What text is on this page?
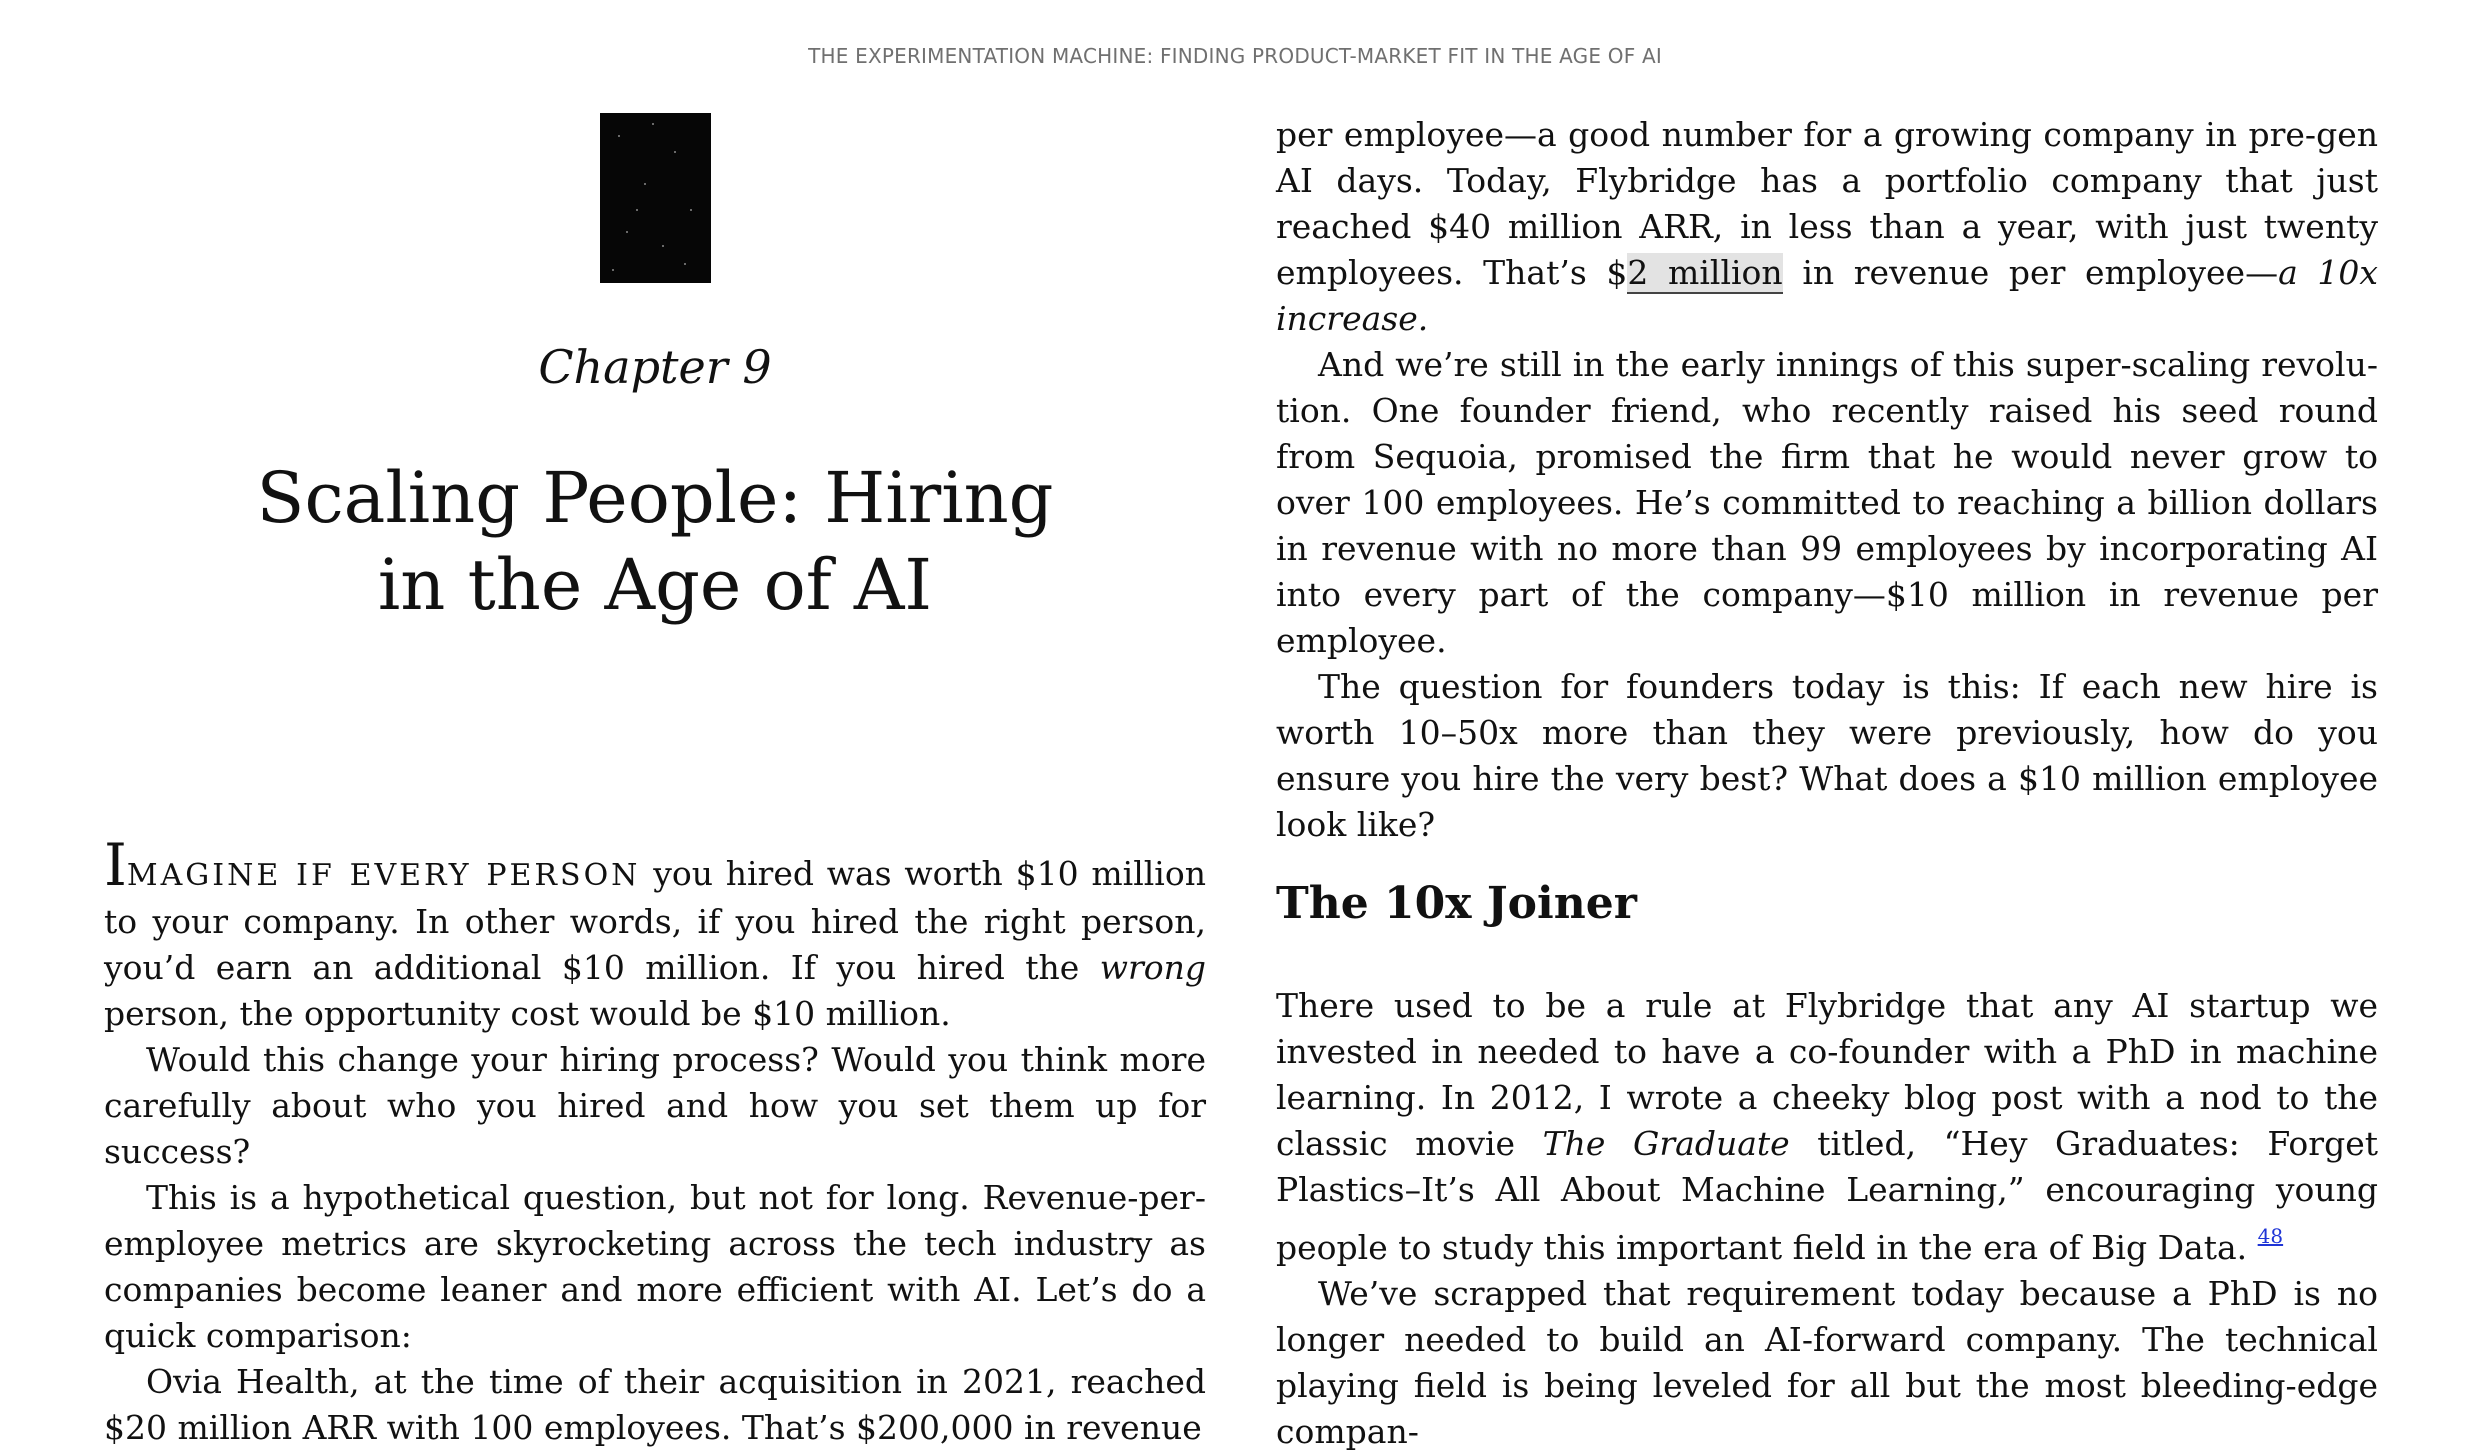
THE EXPERIMENTATION MACHINE: FINDING PRODUCT-MARKET FIT IN THE AGE OF AI
Chapter 9
Scaling People: Hiring
in the Age of AI

IMAGINE IF EVERY PERSON you hired was worth $10 million to your company. In other words, if you hired the right person, you’d earn an additional $10 million. If you hired the wrong person, the opportunity cost would be $10 million.

Would this change your hiring process? Would you think more carefully about who you hired and how you set them up for success?

This is a hypothetical question, but not for long. Revenue-per-employee metrics are skyrocketing across the tech industry as companies become leaner and more efficient with AI. Let’s do a quick comparison:

Ovia Health, at the time of their acquisition in 2021, reached $20 million ARR with 100 employees. That’s $200,000 in revenue

per employee—a good number for a growing company in pre-gen AI days. Today, Flybridge has a portfolio company that just reached $40 million ARR, in less than a year, with just twenty employees. That’s $2 million in revenue per employee—a 10x increase.

And we’re still in the early innings of this super-scaling revolution. One founder friend, who recently raised his seed round from Sequoia, promised the firm that he would never grow to over 100 employees. He’s committed to reaching a billion dollars in revenue with no more than 99 employees by incorporating AI into every part of the company—$10 million in revenue per employee.

The question for founders today is this: If each new hire is worth 10–50x more than they were previously, how do you ensure you hire the very best? What does a $10 million employee look like?

The 10x Joiner

There used to be a rule at Flybridge that any AI startup we invested in needed to have a co-founder with a PhD in machine learning. In 2012, I wrote a cheeky blog post with a nod to the classic movie The Graduate titled, “Hey Graduates: Forget Plastics–It’s All About Machine Learning,” encouraging young people to study this important field in the era of Big Data. $^{48}$

We’ve scrapped that requirement today because a PhD is no longer needed to build an AI-forward company. The technical playing field is being leveled for all but the most bleeding-edge compan-
